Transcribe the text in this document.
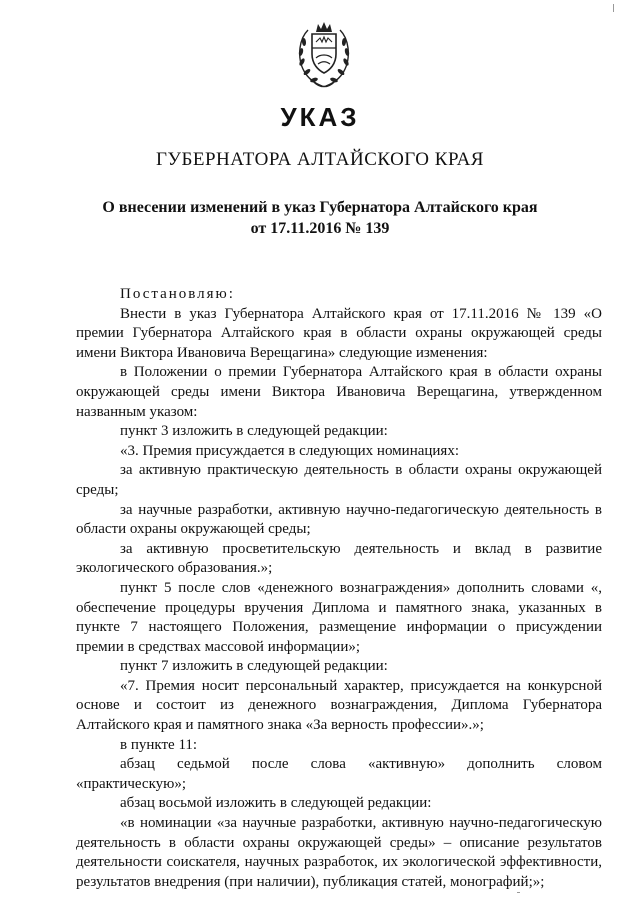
УКАЗ
ГУБЕРНАТОРА АЛТАЙСКОГО КРАЯ
О внесении изменений в указ Губернатора Алтайского края
от 17.11.2016 № 139

Постановляю:

Внести в указ Губернатора Алтайского края от 17.11.2016 № 139 «О премии Губернатора Алтайского края в области охраны окружающей среды имени Виктора Ивановича Верещагина» следующие изменения:

в Положении о премии Губернатора Алтайского края в области охраны окружающей среды имени Виктора Ивановича Верещагина, утвержденном названным указом:

пункт 3 изложить в следующей редакции:

«3. Премия присуждается в следующих номинациях:

за активную практическую деятельность в области охраны окружающей среды;

за научные разработки, активную научно-педагогическую деятельность в области охраны окружающей среды;

за активную просветительскую деятельность и вклад в развитие экологического образования.»;

пункт 5 после слов «денежного вознаграждения» дополнить словами «, обеспечение процедуры вручения Диплома и памятного знака, указанных в пункте 7 настоящего Положения, размещение информации о присуждении премии в средствах массовой информации»;

пункт 7 изложить в следующей редакции:

«7. Премия носит персональный характер, присуждается на конкурсной основе и состоит из денежного вознаграждения, Диплома Губернатора Алтайского края и памятного знака «За верность профессии».»;

в пункте 11:

абзац седьмой после слова «активную» дополнить словом «практическую»;

абзац восьмой изложить в следующей редакции:

«в номинации «за научные разработки, активную научно-педагогическую деятельность в области охраны окружающей среды» – описание результатов деятельности соискателя, научных разработок, их экологической эффективности, результатов внедрения (при наличии), публикация статей, монографий;»;
